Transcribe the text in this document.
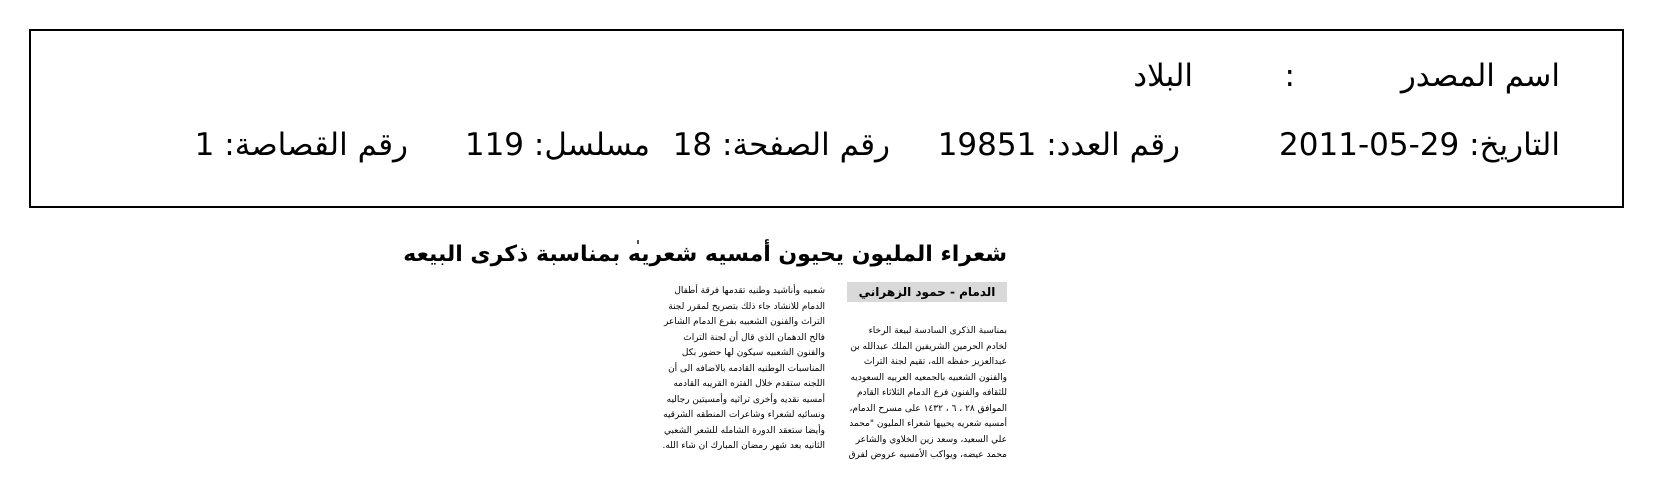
اسم المصدر
:
البلاد
التاريخ: 2011-05-29
رقم العدد: 19851
رقم الصفحة: 18
مسلسل: 119
رقم القصاصة: 1
شعراء المليون يحيون أمسيه شعريه بمناسبة ذكرى البيعه
الدمام - حمود الزهراني

بمناسبة الذكرى السادسة لبيعة الرخاء

لخادم الحرمين الشريفين الملك عبدالله بن

عبدالعزيز حفظه الله، تقيم لجنة التراث

والفنون الشعبيه بالجمعيه العربيه السعوديه

للثقافه والفنون فرع الدمام الثلاثاء القادم

الموافق ٢٨ ، ٦ ، ١٤٣٢ على مسرح الدمام،

أمسيه شعريه يحييها شعراء المليون "محمد

علي السعيد، وسعد زين الخلاوي والشاعر

محمد عيضه، ويواكب الأمسيه عروض لفرق

شعبيه وأناشيد وطنيه تقدمها فرقة أطفال

الدمام للانشاد جاء ذلك بتصريح لمقرر لجنة

التراث والفنون الشعبيه بفرع الدمام الشاعر

فالح الدهمان الذي قال أن لجنة التراث

والفنون الشعبيه سيكون لها حضور بكل

المناسبات الوطنيه القادمه بالاضافه الى أن

اللجنه ستقدم خلال الفتره القريبه القادمه

أمسيه نقديه وأخرى تراثيه وأمسيتين رجاليه

ونسائيه لشعراء وشاعرات المنطقه الشرقيه

وأيضا ستعقد الدورة الشامله للشعر الشعبي

الثانيه بعد شهر رمضان المبارك ان شاء الله.
